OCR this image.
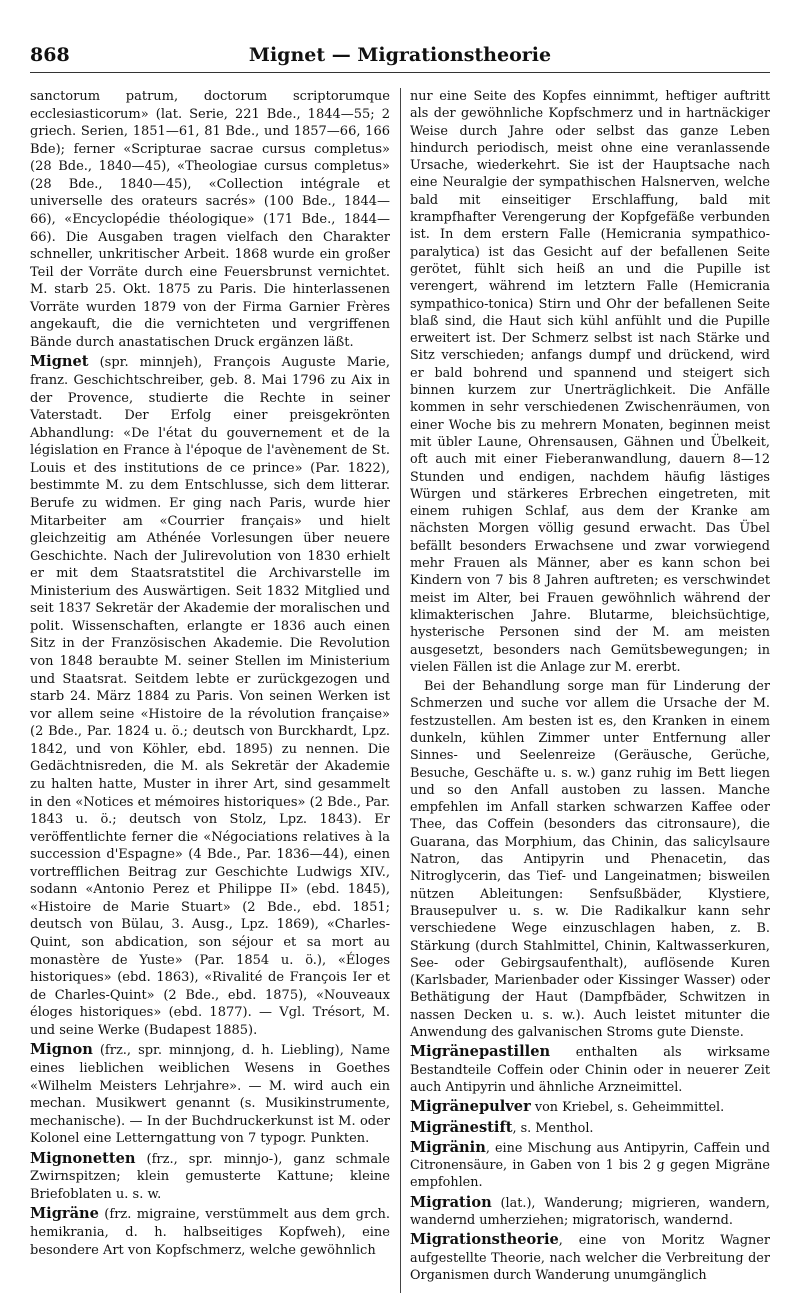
868	Mignet — Migrationstheorie

sanctorum patrum, doctorum scriptorumque ecclesiasticorum» (lat. Serie, 221 Bde., 1844—55; 2 griech. Serien, 1851—61, 81 Bde., und 1857—66, 166 Bde); ferner «Scripturae sacrae cursus completus» (28 Bde., 1840—45), «Theologiae cursus completus» (28 Bde., 1840—45), «Collection intégrale et universelle des orateurs sacrés» (100 Bde., 1844—66), «Encyclopédie théologique» (171 Bde., 1844—66). Die Ausgaben tragen vielfach den Charakter schneller, unkritischer Arbeit. 1868 wurde ein großer Teil der Vorräte durch eine Feuersbrunst vernichtet. M. starb 25. Okt. 1875 zu Paris. Die hinterlassenen Vorräte wurden 1879 von der Firma Garnier Frères angekauft, die die vernichteten und vergriffenen Bände durch anastatischen Druck ergänzen läßt.

Mignet (spr. minnjeh), François Auguste Marie, franz. Geschichtschreiber, geb. 8. Mai 1796 zu Aix in der Provence, studierte die Rechte in seiner Vaterstadt. Der Erfolg einer preisgekrönten Abhandlung: «De l'état du gouvernement et de la législation en France à l'époque de l'avènement de St. Louis et des institutions de ce prince» (Par. 1822), bestimmte M. zu dem Entschlusse, sich dem litterar. Berufe zu widmen. Er ging nach Paris, wurde hier Mitarbeiter am «Courrier français» und hielt gleichzeitig am Athénée Vorlesungen über neuere Geschichte. Nach der Julirevolution von 1830 erhielt er mit dem Staatsratstitel die Archivarstelle im Ministerium des Auswärtigen. Seit 1832 Mitglied und seit 1837 Sekretär der Akademie der moralischen und polit. Wissenschaften, erlangte er 1836 auch einen Sitz in der Französischen Akademie. Die Revolution von 1848 beraubte M. seiner Stellen im Ministerium und Staatsrat. Seitdem lebte er zurückgezogen und starb 24. März 1884 zu Paris. Von seinen Werken ist vor allem seine «Histoire de la révolution française» (2 Bde., Par. 1824 u. ö.; deutsch von Burckhardt, Lpz. 1842, und von Köhler, ebd. 1895) zu nennen. Die Gedächtnisreden, die M. als Sekretär der Akademie zu halten hatte, Muster in ihrer Art, sind gesammelt in den «Notices et mémoires historiques» (2 Bde., Par. 1843 u. ö.; deutsch von Stolz, Lpz. 1843). Er veröffentlichte ferner die «Négociations relatives à la succession d'Espagne» (4 Bde., Par. 1836—44), einen vortrefflichen Beitrag zur Geschichte Ludwigs XIV., sodann «Antonio Perez et Philippe II» (ebd. 1845), «Histoire de Marie Stuart» (2 Bde., ebd. 1851; deutsch von Bülau, 3. Ausg., Lpz. 1869), «Charles-Quint, son abdication, son séjour et sa mort au monastère de Yuste» (Par. 1854 u. ö.), «Éloges historiques» (ebd. 1863), «Rivalité de François Ier et de Charles-Quint» (2 Bde., ebd. 1875), «Nouveaux éloges historiques» (ebd. 1877). — Vgl. Trésort, M. und seine Werke (Budapest 1885).

Mignon (frz., spr. minnjong, d. h. Liebling), Name eines lieblichen weiblichen Wesens in Goethes «Wilhelm Meisters Lehrjahre». — M. wird auch ein mechan. Musikwert genannt (s. Musikinstrumente, mechanische). — In der Buchdruckerkunst ist M. oder Kolonel eine Letterngattung von 7 typogr. Punkten.

Mignonetten (frz., spr. minnjo-), ganz schmale Zwirnspitzen; klein gemusterte Kattune; kleine Briefoblaten u. s. w.

Migräne (frz. migraine, verstümmelt aus dem grch. hemikrania, d. h. halbseitiges Kopfweh), eine besondere Art von Kopfschmerz, welche gewöhnlich

nur eine Seite des Kopfes einnimmt, heftiger auftritt als der gewöhnliche Kopfschmerz und in hartnäckiger Weise durch Jahre oder selbst das ganze Leben hindurch periodisch, meist ohne eine veranlassende Ursache, wiederkehrt. Sie ist der Hauptsache nach eine Neuralgie der sympathischen Halsnerven, welche bald mit einseitiger Erschlaffung, bald mit krampfhafter Verengerung der Kopfgefäße verbunden ist. In dem erstern Falle (Hemicrania sympathico-paralytica) ist das Gesicht auf der befallenen Seite gerötet, fühlt sich heiß an und die Pupille ist verengert, während im letztern Falle (Hemicrania sympathico-tonica) Stirn und Ohr der befallenen Seite blaß sind, die Haut sich kühl anfühlt und die Pupille erweitert ist. Der Schmerz selbst ist nach Stärke und Sitz verschieden; anfangs dumpf und drückend, wird er bald bohrend und spannend und steigert sich binnen kurzem zur Unerträglichkeit. Die Anfälle kommen in sehr verschiedenen Zwischenräumen, von einer Woche bis zu mehrern Monaten, beginnen meist mit übler Laune, Ohrensausen, Gähnen und Übelkeit, oft auch mit einer Fieberanwandlung, dauern 8—12 Stunden und endigen, nachdem häufig lästiges Würgen und stärkeres Erbrechen eingetreten, mit einem ruhigen Schlaf, aus dem der Kranke am nächsten Morgen völlig gesund erwacht. Das Übel befällt besonders Erwachsene und zwar vorwiegend mehr Frauen als Männer, aber es kann schon bei Kindern von 7 bis 8 Jahren auftreten; es verschwindet meist im Alter, bei Frauen gewöhnlich während der klimakterischen Jahre. Blutarme, bleichsüchtige, hysterische Personen sind der M. am meisten ausgesetzt, besonders nach Gemütsbewegungen; in vielen Fällen ist die Anlage zur M. ererbt.

Bei der Behandlung sorge man für Linderung der Schmerzen und suche vor allem die Ursache der M. festzustellen. Am besten ist es, den Kranken in einem dunkeln, kühlen Zimmer unter Entfernung aller Sinnes- und Seelenreize (Geräusche, Gerüche, Besuche, Geschäfte u. s. w.) ganz ruhig im Bett liegen und so den Anfall austoben zu lassen. Manche empfehlen im Anfall starken schwarzen Kaffee oder Thee, das Coffein (besonders das citronsaure), die Guarana, das Morphium, das Chinin, das salicylsaure Natron, das Antipyrin und Phenacetin, das Nitroglycerin, das Tief- und Langeinatmen; bisweilen nützen Ableitungen: Senfsußbäder, Klystiere, Brausepulver u. s. w. Die Radikalkur kann sehr verschiedene Wege einzuschlagen haben, z. B. Stärkung (durch Stahlmittel, Chinin, Kaltwasserkuren, See- oder Gebirgsaufenthalt), auflösende Kuren (Karlsbader, Marienbader oder Kissinger Wasser) oder Bethätigung der Haut (Dampfbäder, Schwitzen in nassen Decken u. s. w.). Auch leistet mitunter die Anwendung des galvanischen Stroms gute Dienste.

Migränepastillen enthalten als wirksame Bestandteile Coffein oder Chinin oder in neuerer Zeit auch Antipyrin und ähnliche Arzneimittel.

Migränepulver von Kriebel, s. Geheimmittel.

Migränestift, s. Menthol.

Migränin, eine Mischung aus Antipyrin, Caffein und Citronensäure, in Gaben von 1 bis 2 g gegen Migräne empfohlen.

Migration (lat.), Wanderung; migrieren, wandern, wandernd umherziehen; migratorisch, wandernd.

Migrationstheorie, eine von Moritz Wagner aufgestellte Theorie, nach welcher die Verbreitung der Organismen durch Wanderung unumgänglich
